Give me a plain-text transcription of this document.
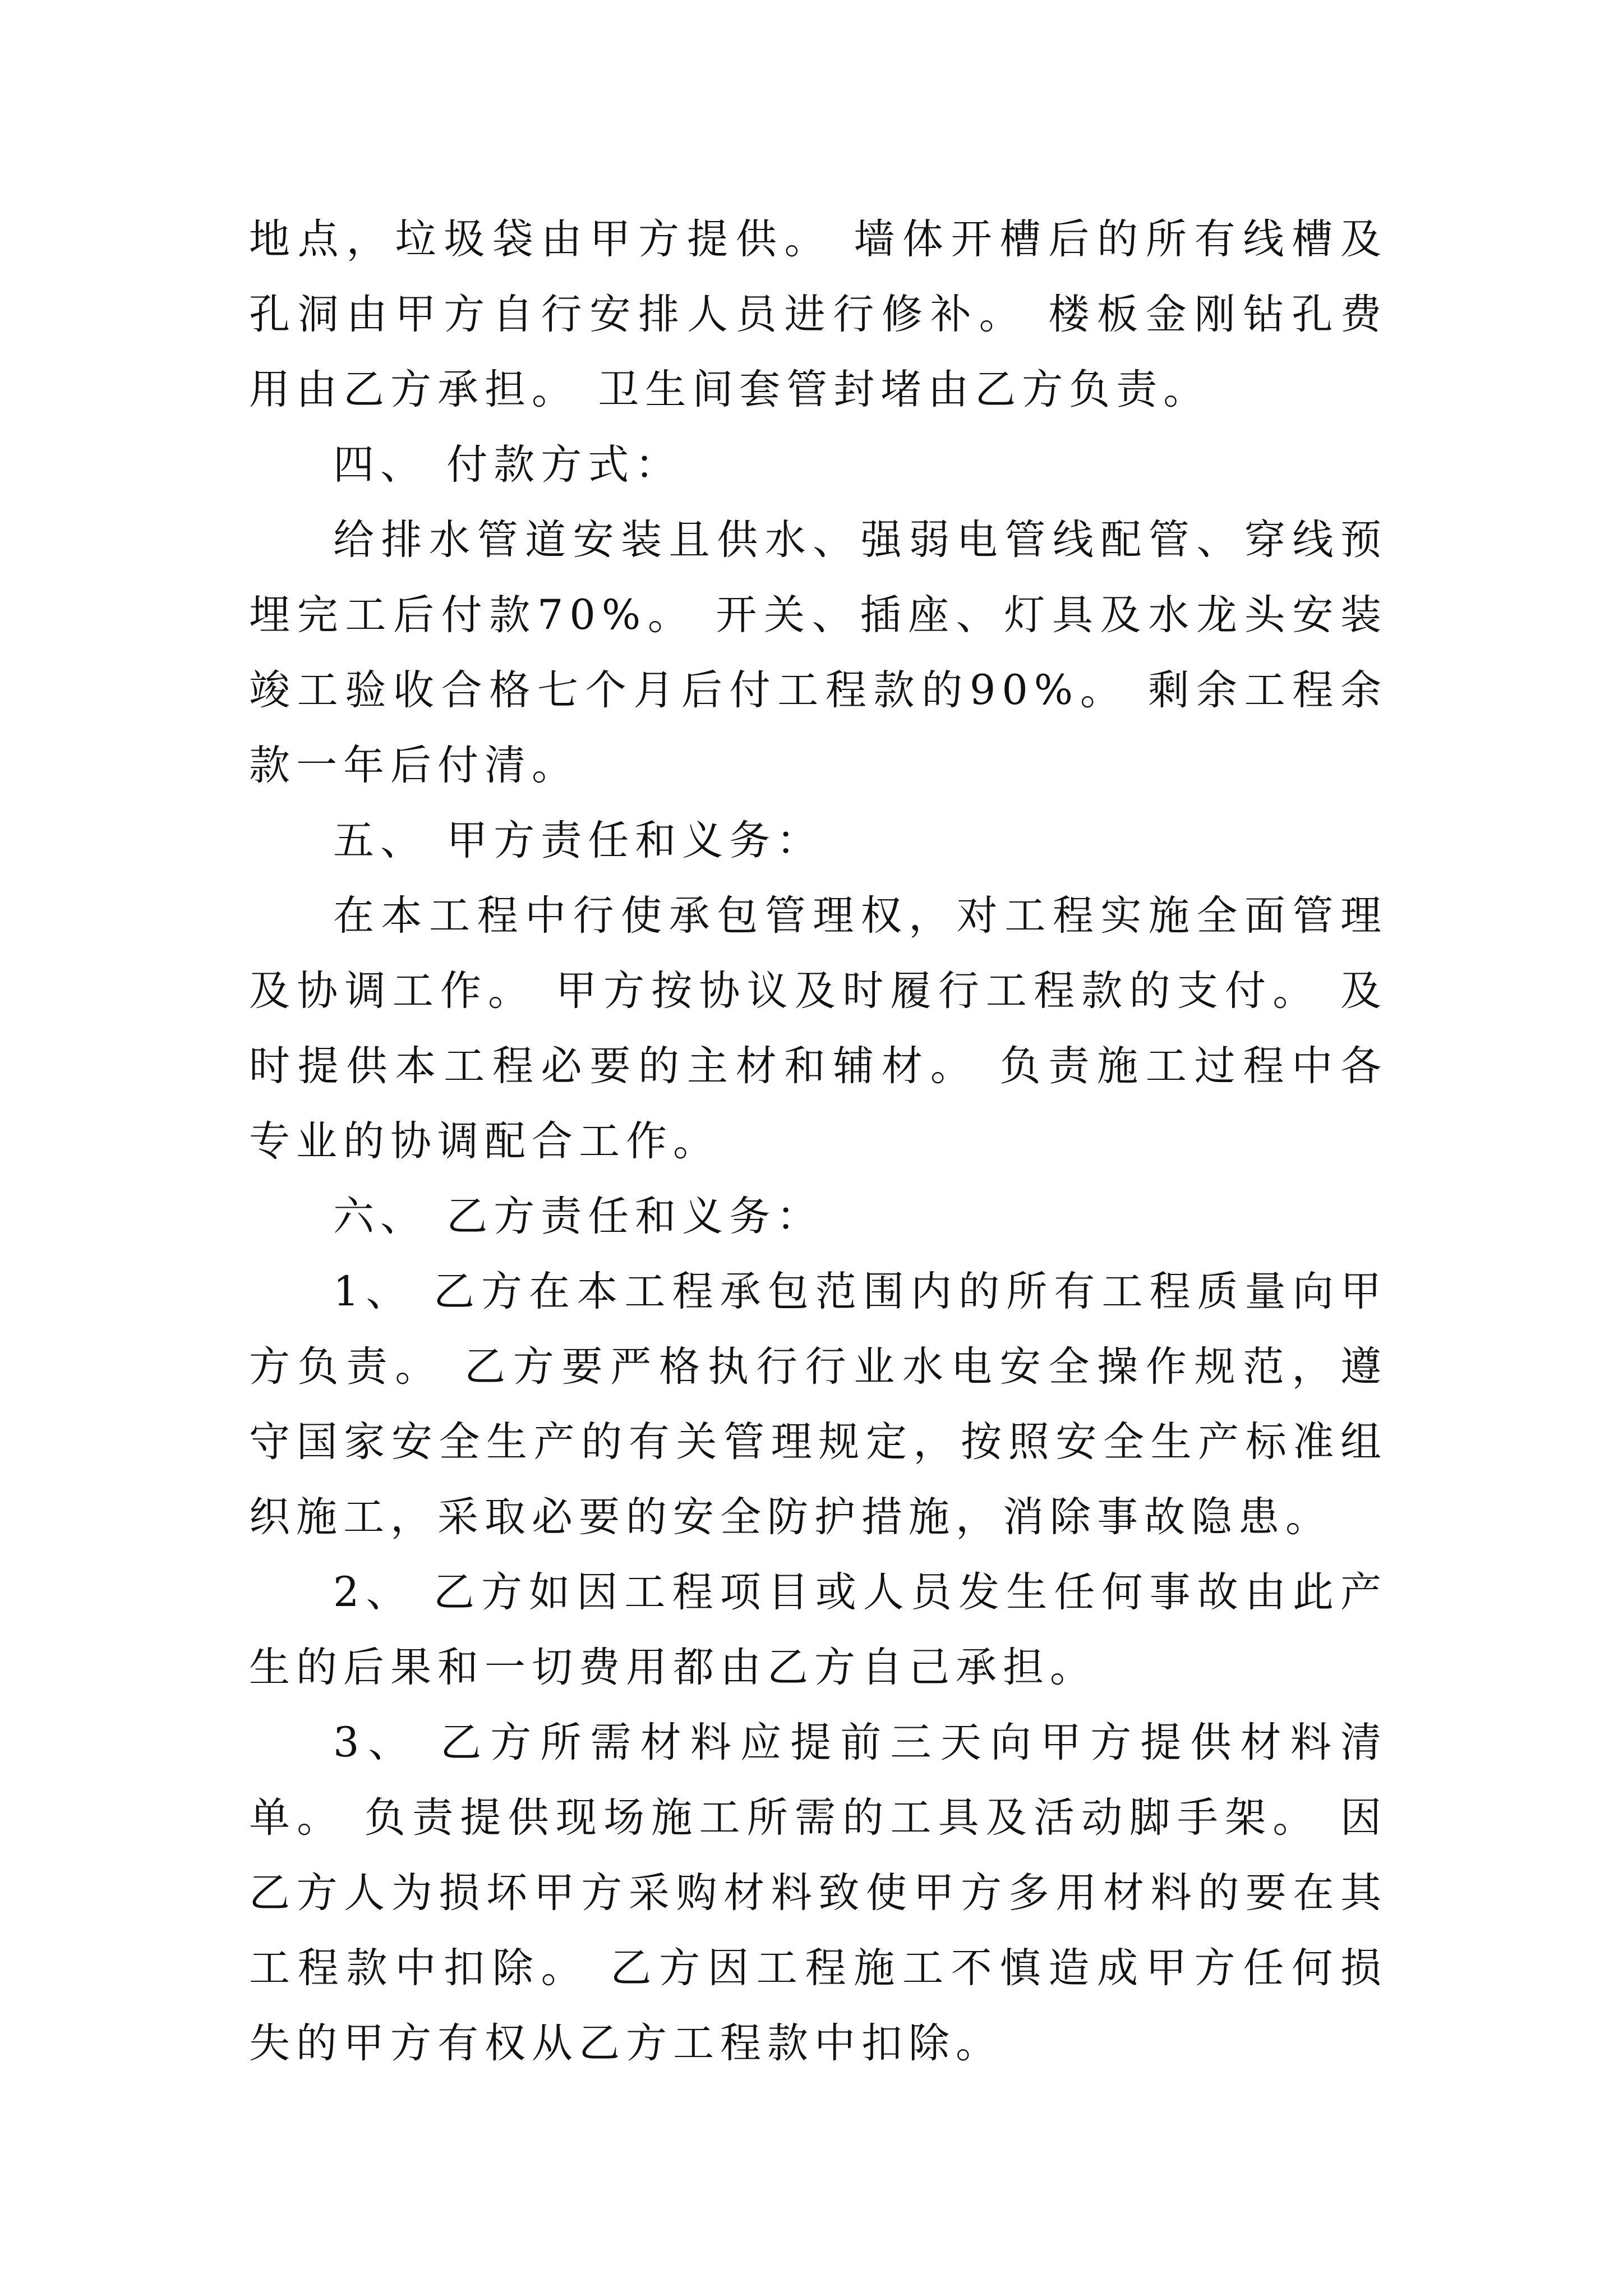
地点，垃圾袋由甲方提供。 墙体开槽后的所有线槽及孔洞由甲方自行安排人员进行修补。 楼板金刚钻孔费用由乙方承担。 卫生间套管封堵由乙方负责。

四、 付款方式：

给排水管道安装且供水、强弱电管线配管、穿线预埋完工后付款70%。 开关、插座、灯具及水龙头安装竣工验收合格七个月后付工程款的90%。 剩余工程余款一年后付清。

五、 甲方责任和义务：

在本工程中行使承包管理权，对工程实施全面管理及协调工作。 甲方按协议及时履行工程款的支付。 及时提供本工程必要的主材和辅材。 负责施工过程中各专业的协调配合工作。

六、 乙方责任和义务：

1、 乙方在本工程承包范围内的所有工程质量向甲方负责。 乙方要严格执行行业水电安全操作规范，遵守国家安全生产的有关管理规定，按照安全生产标准组织施工，采取必要的安全防护措施，消除事故隐患。

2、 乙方如因工程项目或人员发生任何事故由此产生的后果和一切费用都由乙方自己承担。

3、 乙方所需材料应提前三天向甲方提供材料清单。 负责提供现场施工所需的工具及活动脚手架。 因乙方人为损坏甲方采购材料致使甲方多用材料的要在其工程款中扣除。 乙方因工程施工不慎造成甲方任何损失的甲方有权从乙方工程款中扣除。
